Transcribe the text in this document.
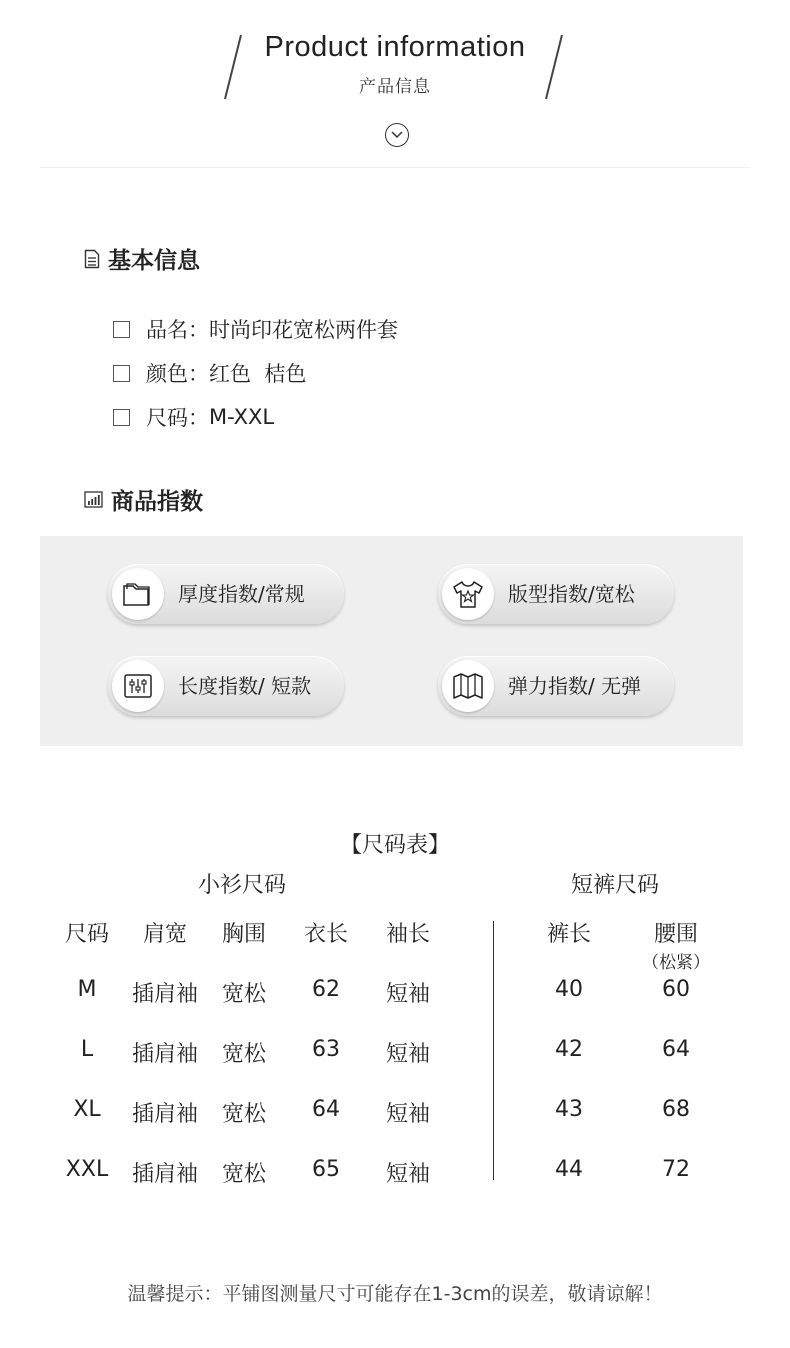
Product information
产品信息
基本信息
品名： 时尚印花宽松两件套
颜色： 红色  桔色
尺码： M-XXL
商品指数
厚度指数/常规	版型指数/宽松
长度指数/ 短款	弹力指数/ 无弹
【尺码表】
小衫尺码	短裤尺码
尺码	肩宽	胸围	衣长	袖长	裤长	腰围
（松紧）
M	插肩袖	宽松	62	短袖	40	60
L	插肩袖	宽松	63	短袖	42	64
XL	插肩袖	宽松	64	短袖	43	68
XXL	插肩袖	宽松	65	短袖	44	72
温馨提示：平铺图测量尺寸可能存在1-3cm的误差，敬请谅解！
